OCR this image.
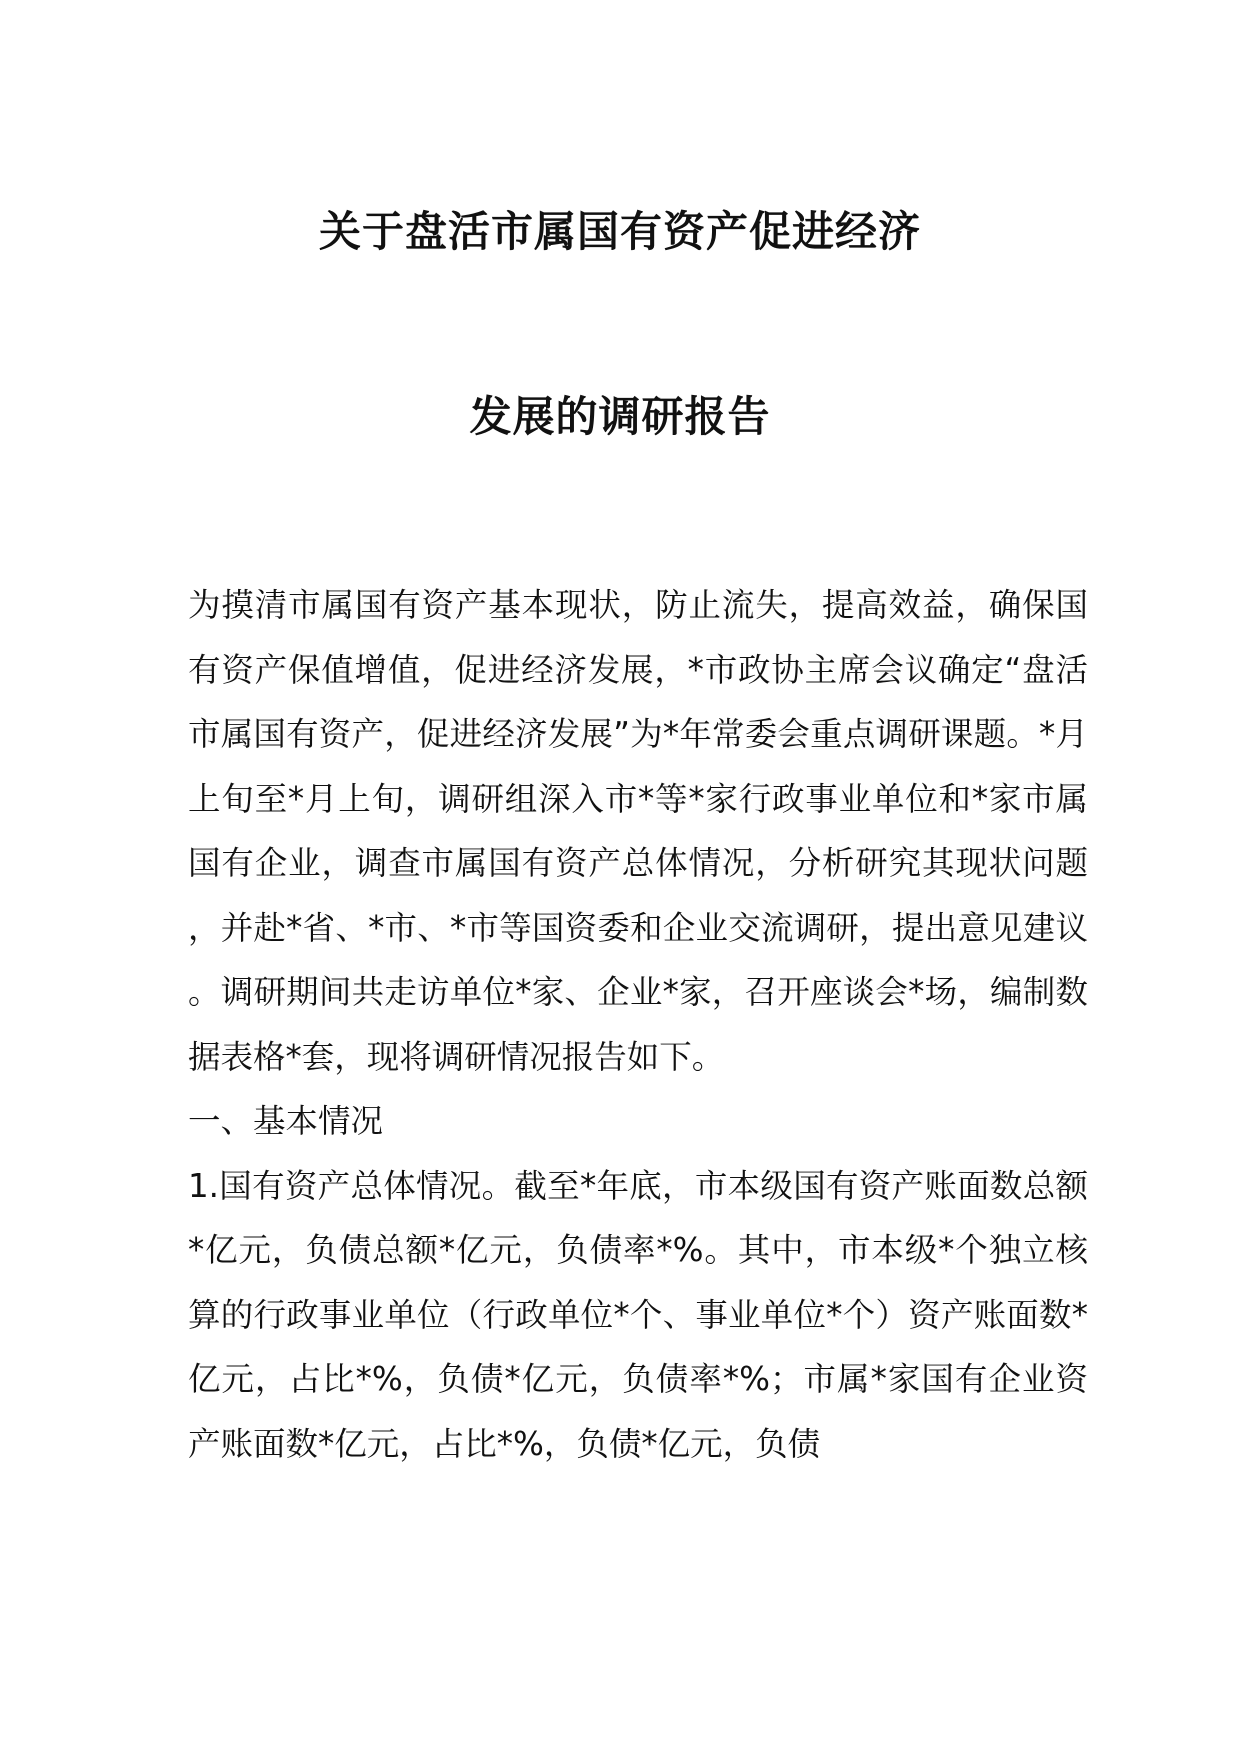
关于盘活市属国有资产促进经济
发展的调研报告

为摸清市属国有资产基本现状，防止流失，提高效益，确保国有资产保值增值，促进经济发展，*市政协主席会议确定“盘活市属国有资产，促进经济发展”为*年常委会重点调研课题。*月上旬至*月上旬，调研组深入市*等*家行政事业单位和*家市属国有企业，调查市属国有资产总体情况，分析研究其现状问题，并赴*省、*市、*市等国资委和企业交流调研，提出意见建议。调研期间共走访单位*家、企业*家，召开座谈会*场，编制数据表格*套，现将调研情况报告如下。

一、基本情况

1.国有资产总体情况。截至*年底，市本级国有资产账面数总额*亿元，负债总额*亿元，负债率*%。其中，市本级*个独立核算的行政事业单位（行政单位*个、事业单位*个）资产账面数*亿元，占比*%，负债*亿元，负债率*%；市属*家国有企业资产账面数*亿元，占比*%，负债*亿元，负债
